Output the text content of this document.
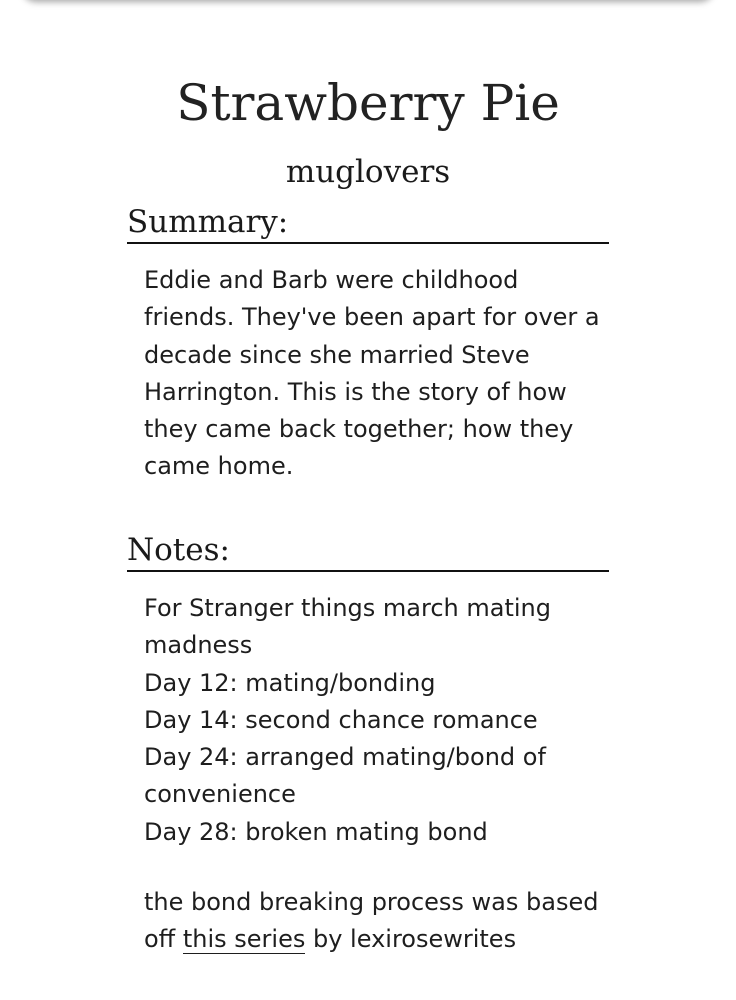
Strawberry Pie
muglovers
Summary:
Eddie and Barb were childhood friends. They've been apart for over a decade since she married Steve Harrington. This is the story of how they came back together; how they came home.
Notes:
For Stranger things march mating madness
Day 12: mating/bonding
Day 14: second chance romance
Day 24: arranged mating/bond of convenience
Day 28: broken mating bond
the bond breaking process was based off this series by lexirosewrites
